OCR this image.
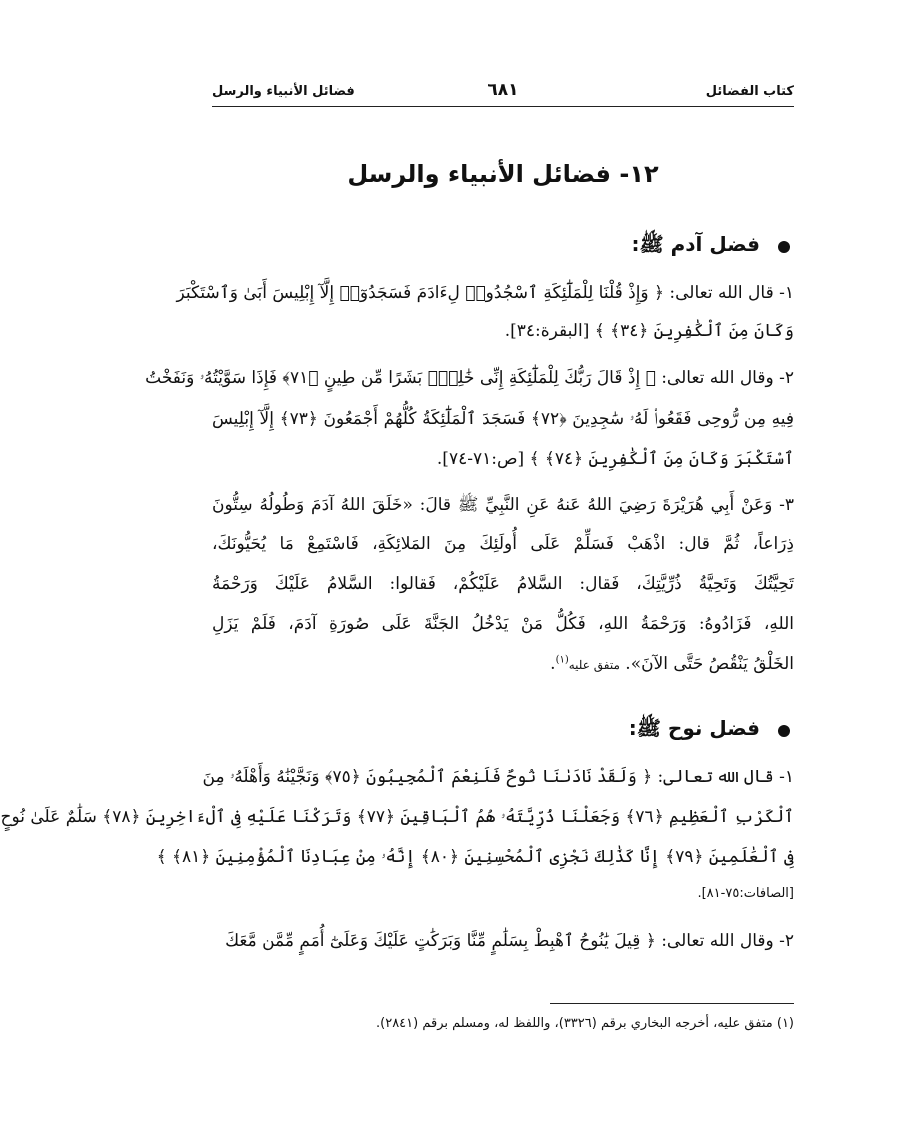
كتاب الفضائل
٦٨١
فضائل الأنبياء والرسل
١٢- فضائل الأنبياء والرسل
فضل آدم ﷺ:
١- قال الله تعالى: ﴿ وَإِذْ قُلْنَا لِلْمَلَٰٓئِكَةِ ٱسْجُدُوا۟ لِءَادَمَ فَسَجَدُوٓا۟ إِلَّآ إِبْلِيسَ أَبَىٰ وَٱسْتَكْبَرَ
وَكَانَ مِنَ ٱلْكَٰفِرِينَ ﴿٣٤﴾ ﴾ [البقرة:٣٤].
٢- وقال الله تعالى: ﴿ إِذْ قَالَ رَبُّكَ لِلْمَلَٰٓئِكَةِ إِنِّى خَٰلِقٌۢ بَشَرًا مِّن طِينٍ ﴿٧١﴾ فَإِذَا سَوَّيْتُهُۥ وَنَفَخْتُ
فِيهِ مِن رُّوحِى فَقَعُوا۟ لَهُۥ سَٰجِدِينَ ﴿٧٢﴾ فَسَجَدَ ٱلْمَلَٰٓئِكَةُ كُلُّهُمْ أَجْمَعُونَ ﴿٧٣﴾ إِلَّآ إِبْلِيسَ
ٱسْتَكْبَرَ وَكَانَ مِنَ ٱلْكَٰفِرِينَ ﴿٧٤﴾ ﴾ [ص:٧١-٧٤].
٣- وَعَنْ أَبِي هُرَيْرَةَ رَضِيَ اللهُ عَنهُ عَنِ النَّبِيِّ ﷺ قالَ: «خَلَقَ اللهُ آدَمَ وَطُولُهُ سِتُّونَ
ذِرَاعاً، ثُمَّ قال: اذْهَبْ فَسَلِّمْ عَلَى أُولَئِكَ مِنَ المَلائِكَةِ، فَاسْتَمِعْ مَا يُحَيُّونَكَ،
تَحِيَّتُكَ وَتَحِيَّةُ ذُرِّيَّتِكَ، فَقال: السَّلامُ عَلَيْكُمْ، فَقالوا: السَّلامُ عَلَيْكَ وَرَحْمَةُ
اللهِ، فَزَادُوهُ: وَرَحْمَةُ اللهِ، فَكُلُّ مَنْ يَدْخُلُ الجَنَّةَ عَلَى صُورَةِ آدَمَ، فَلَمْ يَزَلِ
الخَلْقُ يَنْقُصُ حَتَّى الآنَ». متفق عليه$^{(١)}$.
فضل نوح ﷺ:
١- قال الله تعالى: ﴿ وَلَقَدْ نَادَىٰنَا نُوحٌ فَلَنِعْمَ ٱلْمُجِيبُونَ ﴿٧٥﴾ وَنَجَّيْنَٰهُ وَأَهْلَهُۥ مِنَ
ٱلْكَرْبِ ٱلْعَظِيمِ ﴿٧٦﴾ وَجَعَلْنَا ذُرِّيَّتَهُۥ هُمُ ٱلْبَاقِينَ ﴿٧٧﴾ وَتَرَكْنَا عَلَيْهِ فِى ٱلْءَاخِرِينَ ﴿٧٨﴾ سَلَٰمٌ عَلَىٰ نُوحٍ
فِى ٱلْعَٰلَمِينَ ﴿٧٩﴾ إِنَّا كَذَٰلِكَ نَجْزِى ٱلْمُحْسِنِينَ ﴿٨٠﴾ إِنَّهُۥ مِنْ عِبَادِنَا ٱلْمُؤْمِنِينَ ﴿٨١﴾ ﴾
[الصافات:٧٥-٨١].
٢- وقال الله تعالى: ﴿ قِيلَ يَٰنُوحُ ٱهْبِطْ بِسَلَٰمٍ مِّنَّا وَبَرَكَٰتٍ عَلَيْكَ وَعَلَىٰٓ أُمَمٍ مِّمَّن مَّعَكَ
(١) متفق عليه، أخرجه البخاري برقم (٣٣٢٦)، واللفظ له، ومسلم برقم (٢٨٤١).
